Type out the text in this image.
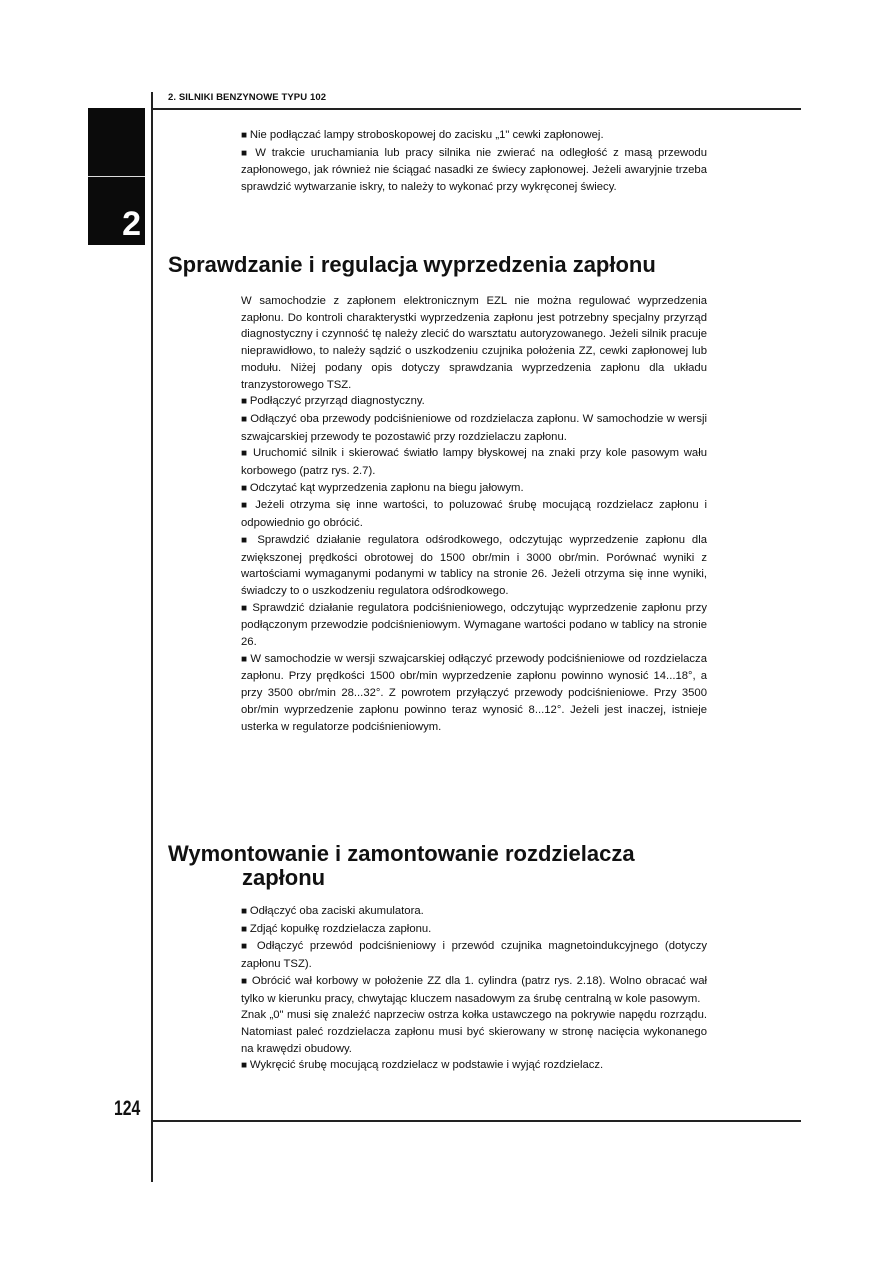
2
2. SILNIKI BENZYNOWE TYPU 102
124

■ Nie podłączać lampy stroboskopowej do zacisku „1" cewki zapłonowej.

■ W trakcie uruchamiania lub pracy silnika nie zwierać na odległość z masą przewodu zapłonowego, jak również nie ściągać nasadki ze świecy zapłonowej. Jeżeli awaryjnie trzeba sprawdzić wytwarzanie iskry, to należy to wykonać przy wykręconej świecy.

Sprawdzanie i regulacja wyprzedzenia zapłonu

W samochodzie z zapłonem elektronicznym EZL nie można regulować wyprzedzenia zapłonu. Do kontroli charakterystki wyprzedzenia zapłonu jest potrzebny specjalny przyrząd diagnostyczny i czynność tę należy zlecić do warsztatu autoryzowanego. Jeżeli silnik pracuje nieprawidłowo, to należy sądzić o uszkodzeniu czujnika położenia ZZ, cewki zapłonowej lub modułu. Niżej podany opis dotyczy sprawdzania wyprzedzenia zapłonu dla układu tranzystorowego TSZ.

■ Podłączyć przyrząd diagnostyczny.

■ Odłączyć oba przewody podciśnieniowe od rozdzielacza zapłonu. W samochodzie w wersji szwajcarskiej przewody te pozostawić przy rozdzielaczu zapłonu.

■ Uruchomić silnik i skierować światło lampy błyskowej na znaki przy kole pasowym wału korbowego (patrz rys. 2.7).

■ Odczytać kąt wyprzedzenia zapłonu na biegu jałowym.

■ Jeżeli otrzyma się inne wartości, to poluzować śrubę mocującą rozdzielacz zapłonu i odpowiednio go obrócić.

■ Sprawdzić działanie regulatora odśrodkowego, odczytując wyprzedzenie zapłonu dla zwiększonej prędkości obrotowej do 1500 obr/min i 3000 obr/min. Porównać wyniki z wartościami wymaganymi podanymi w tablicy na stronie 26. Jeżeli otrzyma się inne wyniki, świadczy to o uszkodzeniu regulatora odśrodkowego.

■ Sprawdzić działanie regulatora podciśnieniowego, odczytując wyprzedzenie zapłonu przy podłączonym przewodzie podciśnieniowym. Wymagane wartości podano w tablicy na stronie 26.

■ W samochodzie w wersji szwajcarskiej odłączyć przewody podciśnieniowe od rozdzielacza zapłonu. Przy prędkości 1500 obr/min wyprzedzenie zapłonu powinno wynosić 14...18°, a przy 3500 obr/min 28...32°. Z powrotem przyłączyć przewody podciśnieniowe. Przy 3500 obr/min wyprzedzenie zapłonu powinno teraz wynosić 8...12°. Jeżeli jest inaczej, istnieje usterka w regulatorze podciśnieniowym.

Wymontowanie i zamontowanie rozdzielacza
zapłonu

■ Odłączyć oba zaciski akumulatora.

■ Zdjąć kopułkę rozdzielacza zapłonu.

■ Odłączyć przewód podciśnieniowy i przewód czujnika magnetoindukcyjnego (dotyczy zapłonu TSZ).

■ Obrócić wał korbowy w położenie ZZ dla 1. cylindra (patrz rys. 2.18). Wolno obracać wał tylko w kierunku pracy, chwytając kluczem nasadowym za śrubę centralną w kole pasowym.

Znak „0" musi się znaleźć naprzeciw ostrza kołka ustawczego na pokrywie napędu rozrządu. Natomiast paleć rozdzielacza zapłonu musi być skierowany w stronę nacięcia wykonanego na krawędzi obudowy.

■ Wykręcić śrubę mocującą rozdzielacz w podstawie i wyjąć rozdzielacz.
